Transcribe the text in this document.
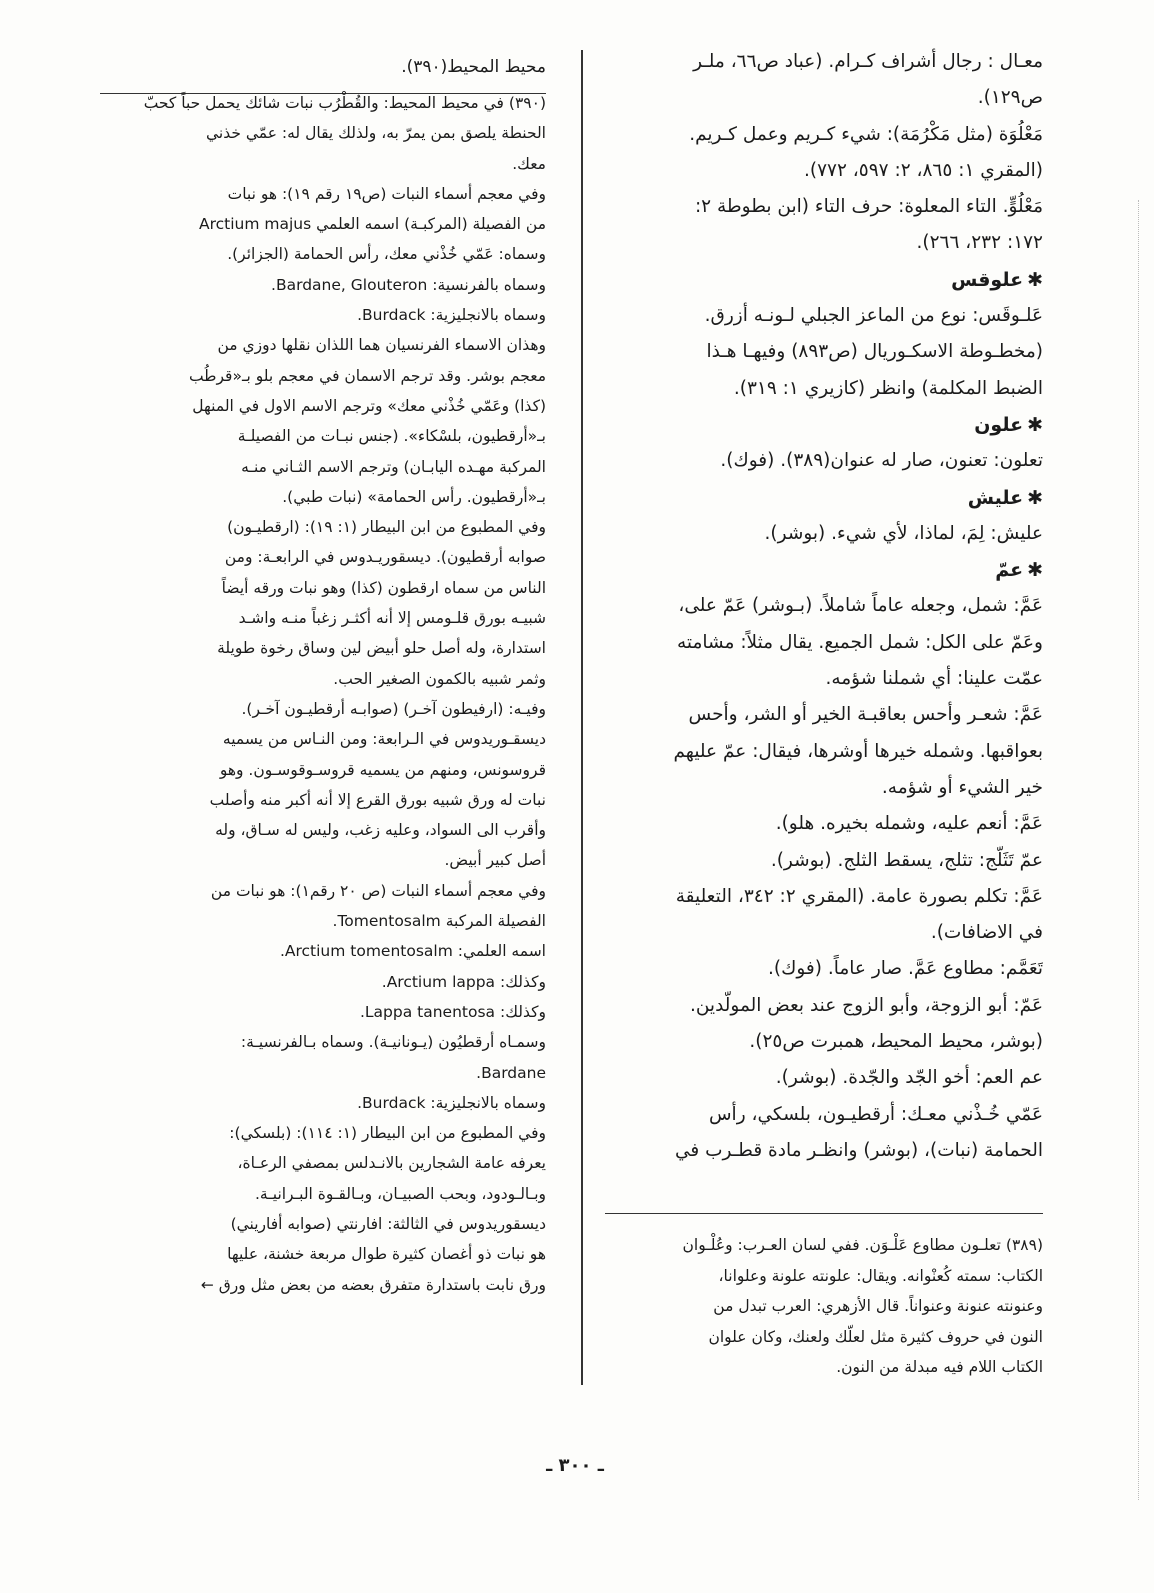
معـال : رجال أشراف كـرام. (عباد ص٦٦، ملـر
ص١٢٩).
مَعْلُوَة (مثل مَكْرُمَة): شيء كـريم وعمل كـريم.
(المقري ١: ٨٦٥، ٢: ٥٩٧، ٧٧٢).
مَعْلُوٍّ. التاء المعلوة: حرف التاء (ابن بطوطة ٢:
١٧٢: ٢٣٢، ٢٦٦).
✱علوقس
عَلـوقَس: نوع من الماعز الجبلي لـونـه أزرق.
(مخطـوطة الاسكـوريال (ص٨٩٣) وفيهـا هـذا
الضبط المكلمة) وانظر (كازيري ١: ٣١٩).
✱علون
تعلون: تعنون، صار له عنوان(٣٨٩). (فوك).
✱عليش
عليش: لِمَ، لماذا، لأي شيء. (بوشر).
✱عمّ
عَمَّ: شمل، وجعله عاماً شاملاً. (بـوشر) عَمّ على،
وعَمّ على الكل: شمل الجميع. يقال مثلاً: مشامته
عمّت علينا: أي شملنا شؤمه.
عَمَّ: شعـر وأحس بعاقبـة الخير أو الشر، وأحس
بعواقبها. وشمله خيرها أوشرها، فيقال: عمّ عليهم
خير الشيء أو شؤمه.
عَمَّ: أنعم عليه، وشمله بخيره. هلو).
عمّ تَثَلّج: تثلج، يسقط الثلج. (بوشر).
عَمَّ: تكلم بصورة عامة. (المقري ٢: ٣٤٢، التعليقة
في الاضافات).
تَعَمَّم: مطاوع عَمَّ. صار عاماً. (فوك).
عَمّ: أبو الزوجة، وأبو الزوج عند بعض المولّدين.
(بوشر، محيط المحيط، همبرت ص٢٥).
عم العم: أخو الجّد والجّدة. (بوشر).
عَمّي خُـذْني معـك: أرقطيـون، بلسكي، رأس
الحمامة (نبات)، (بوشر) وانظـر مادة قطـرب في
(٣٨٩) تعلـون مطاوع عَلْـوَن. ففي لسان العـرب: وعُلْـوان
الكتاب: سمته كُعنْوانه. ويقال: علونته علونة وعلوانا،
وعنونته عنونة وعنواناً. قال الأزهري: العرب تبدل من
النون في حروف كثيرة مثل لعلّك ولعنك، وكان علوان
الكتاب اللام فيه مبدلة من النون.
محيط المحيط(٣٩٠).
(٣٩٠) في محيط المحيط: والقُطْرُب نبات شائك يحمل حباً كحبّ
الحنطة يلصق بمن يمرّ به، ولذلك يقال له: عمّي خذني
معك.
وفي معجم أسماء النبات (ص١٩ رقم ١٩): هو نبات
من الفصيلة (المركبـة) اسمه العلمي Arctium majus
وسماه: عَمّي خُذْني معك، رأس الحمامة (الجزائر).
وسماه بالفرنسية: Bardane, Glouteron.
وسماه بالانجليزية: Burdack.
وهذان الاسماء الفرنسيان هما اللذان نقلها دوزي من
معجم بوشر. وقد ترجم الاسمان في معجم بلو بـ«قرطُب
(كذا) وعَمّي خُذْني معك» وترجم الاسم الاول في المنهل
بـ«أرقطيون، بلسْكاء». (جنس نبـات من الفصيلـة
المركبة مهـده اليابـان) وترجم الاسم الثـاني منـه
بـ«أرقطيون. رأس الحمامة» (نبات طبي).
وفي المطبوع من ابن البيطار (١: ١٩): (ارقطيـون)
صوابه أرقطيون). ديسقوريـدوس في الرابعـة: ومن
الناس من سماه ارقطون (كذا) وهو نبات ورقه أيضاً
شبيـه بورق قلـومس إلا أنه أكثـر زغباً منـه واشـد
استدارة، وله أصل حلو أبيض لين وساق رخوة طويلة
وثمر شبيه بالكمون الصغير الحب.
وفيـه: (ارفيطون آخـر) (صوابـه أرقطيـون آخـر).
ديسقـوريدوس في الـرابعة: ومن النـاس من يسميه
قروسونس، ومنهم من يسميه قروسـوقوسـون. وهو
نبات له ورق شبيه بورق القرع إلا أنه أكبر منه وأصلب
وأقرب الى السواد، وعليه زغب، وليس له سـاق، وله
أصل كبير أبيض.
وفي معجم أسماء النبات (ص ٢٠ رقم١): هو نبات من
الفصيلة المركبة Tomentosalm.
اسمه العلمي: Arctium tomentosalm.
وكذلك: Arctium lappa.
وكذلك: Lappa tanentosa.
وسمـاه أرقطيُون (يـونانيـة). وسماه بـالفرنسيـة:
Bardane.
وسماه بالانجليزية: Burdack.
وفي المطبوع من ابن البيطار (١: ١١٤): (بلسكي):
يعرفه عامة الشجارين بالانـدلس بمصفي الرعـاة،
وبـالـودود، وبحب الصبيـان، وبـالقـوة البـرانيـة.
ديسقوريدوس في الثالثة: افارنتي (صوابه أفاريني)
هو نبات ذو أغصان كثيرة طوال مربعة خشنة، عليها
ورق نابت باستدارة متفرق بعضه من بعض مثل ورق ←
ـ ٣٠٠ ـ
